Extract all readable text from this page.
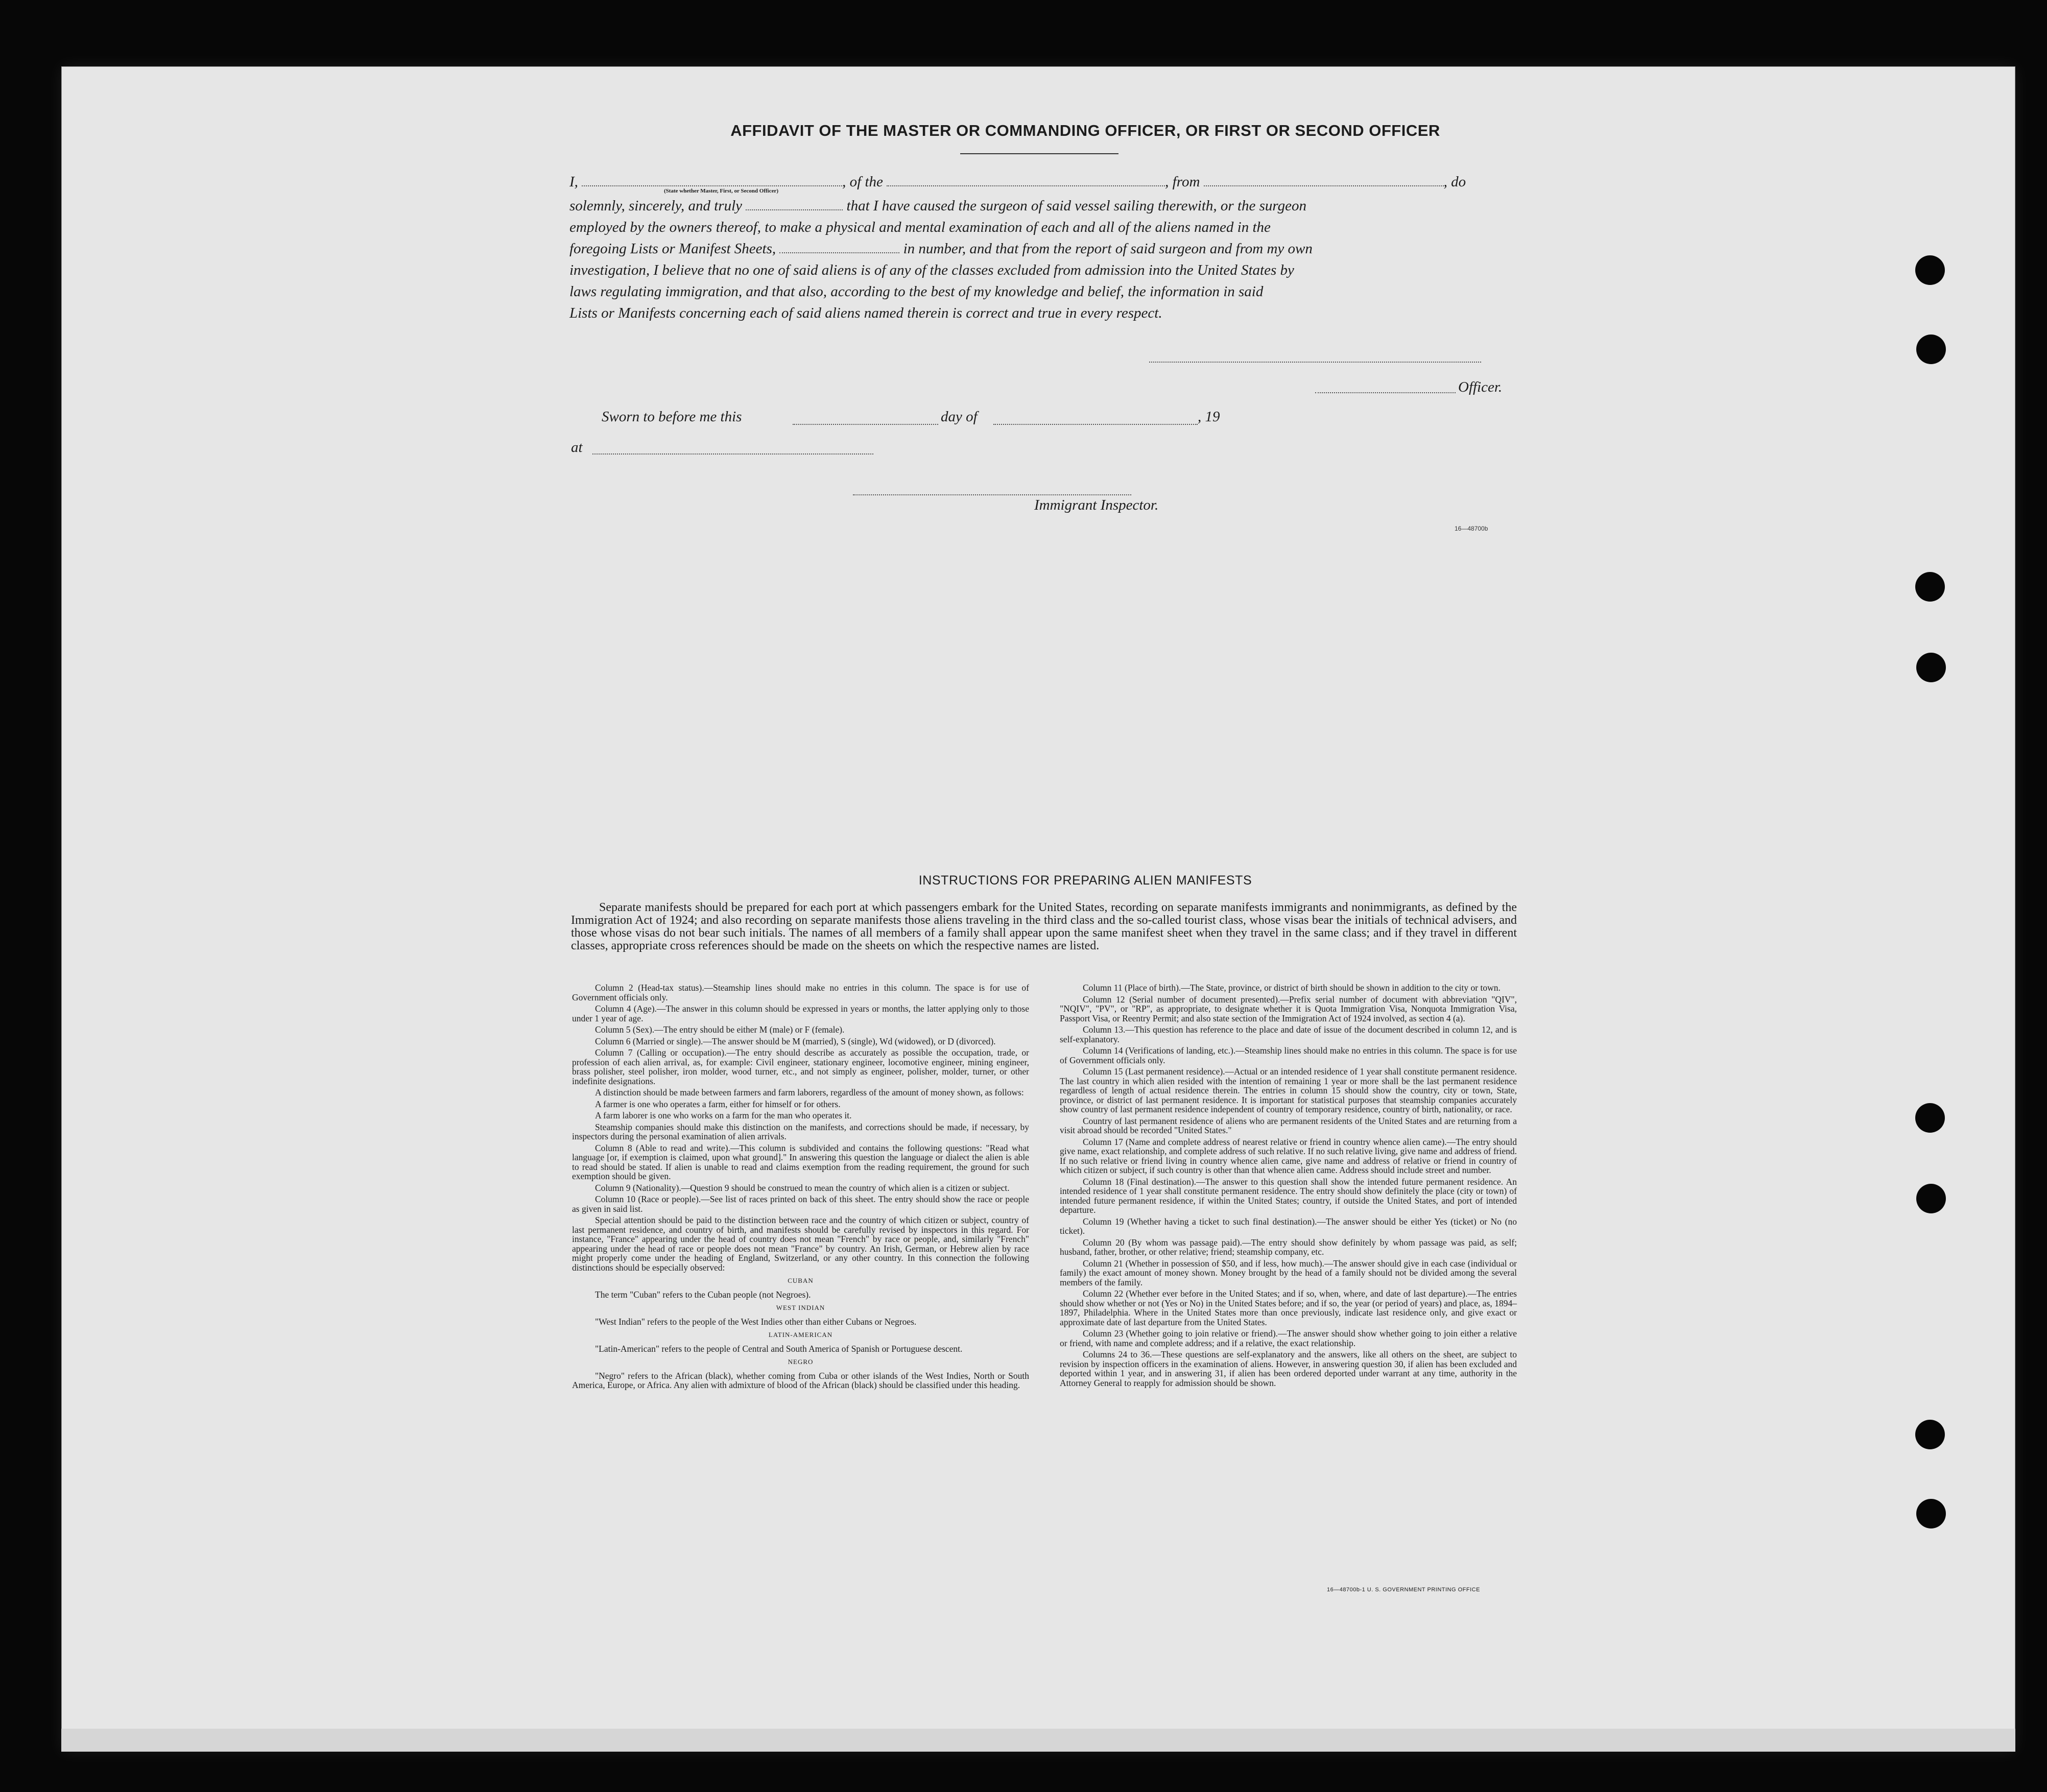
AFFIDAVIT OF THE MASTER OR COMMANDING OFFICER, OR FIRST OR SECOND OFFICER
I,	, of the	, from	, do
(State whether Master, First, or Second Officer)
solemnly, sincerely, and truly	that I have caused the surgeon of said vessel sailing therewith, or the surgeon
employed by the owners thereof, to make a physical and mental examination of each and all of the aliens named in the
foregoing Lists or Manifest Sheets,	in number, and that from the report of said surgeon and from my own
investigation, I believe that no one of said aliens is of any of the classes excluded from admission into the United States by
laws regulating immigration, and that also, according to the best of my knowledge and belief, the information in said
Lists or Manifests concerning each of said aliens named therein is correct and true in every respect.
Officer.
Sworn to before me this	day of	, 19
at
Immigrant Inspector.
16—48700b
INSTRUCTIONS FOR PREPARING ALIEN MANIFESTS
Separate manifests should be prepared for each port at which passengers embark for the United States, recording on separate manifests immigrants and nonimmigrants, as defined by the Immigration Act of 1924; and also recording on separate manifests those aliens traveling in the third class and the so-called tourist class, whose visas bear the initials of technical advisers, and those whose visas do not bear such initials. The names of all members of a family shall appear upon the same manifest sheet when they travel in the same class; and if they travel in different classes, appropriate cross references should be made on the sheets on which the respective names are listed.

Column 2 (Head-tax status).—Steamship lines should make no entries in this column. The space is for use of Government officials only.

Column 4 (Age).—The answer in this column should be expressed in years or months, the latter applying only to those under 1 year of age.

Column 5 (Sex).—The entry should be either M (male) or F (female).

Column 6 (Married or single).—The answer should be M (married), S (single), Wd (widowed), or D (divorced).

Column 7 (Calling or occupation).—The entry should describe as accurately as possible the occupation, trade, or profession of each alien arrival, as, for example: Civil engineer, stationary engineer, locomotive engineer, mining engineer, brass polisher, steel polisher, iron molder, wood turner, etc., and not simply as engineer, polisher, molder, turner, or other indefinite designations.

A distinction should be made between farmers and farm laborers, regardless of the amount of money shown, as follows:

A farmer is one who operates a farm, either for himself or for others.

A farm laborer is one who works on a farm for the man who operates it.

Steamship companies should make this distinction on the manifests, and corrections should be made, if necessary, by inspectors during the personal examination of alien arrivals.

Column 8 (Able to read and write).—This column is subdivided and contains the following questions: "Read what language [or, if exemption is claimed, upon what ground]." In answering this question the language or dialect the alien is able to read should be stated. If alien is unable to read and claims exemption from the reading requirement, the ground for such exemption should be given.

Column 9 (Nationality).—Question 9 should be construed to mean the country of which alien is a citizen or subject.

Column 10 (Race or people).—See list of races printed on back of this sheet. The entry should show the race or people as given in said list.

Special attention should be paid to the distinction between race and the country of which citizen or subject, country of last permanent residence, and country of birth, and manifests should be carefully revised by inspectors in this regard. For instance, "France" appearing under the head of country does not mean "French" by race or people, and, similarly "French" appearing under the head of race or people does not mean "France" by country. An Irish, German, or Hebrew alien by race might properly come under the heading of England, Switzerland, or any other country. In this connection the following distinctions should be especially observed:

CUBAN

The term "Cuban" refers to the Cuban people (not Negroes).

WEST INDIAN

"West Indian" refers to the people of the West Indies other than either Cubans or Negroes.

LATIN-AMERICAN

"Latin-American" refers to the people of Central and South America of Spanish or Portuguese descent.

NEGRO

"Negro" refers to the African (black), whether coming from Cuba or other islands of the West Indies, North or South America, Europe, or Africa. Any alien with admixture of blood of the African (black) should be classified under this heading.

Column 11 (Place of birth).—The State, province, or district of birth should be shown in addition to the city or town.

Column 12 (Serial number of document presented).—Prefix serial number of document with abbreviation "QIV", "NQIV", "PV", or "RP", as appropriate, to designate whether it is Quota Immigration Visa, Nonquota Immigration Visa, Passport Visa, or Reentry Permit; and also state section of the Immigration Act of 1924 involved, as section 4 (a).

Column 13.—This question has reference to the place and date of issue of the document described in column 12, and is self-explanatory.

Column 14 (Verifications of landing, etc.).—Steamship lines should make no entries in this column. The space is for use of Government officials only.

Column 15 (Last permanent residence).—Actual or an intended residence of 1 year shall constitute permanent residence. The last country in which alien resided with the intention of remaining 1 year or more shall be the last permanent residence regardless of length of actual residence therein. The entries in column 15 should show the country, city or town, State, province, or district of last permanent residence. It is important for statistical purposes that steamship companies accurately show country of last permanent residence independent of country of temporary residence, country of birth, nationality, or race.

Country of last permanent residence of aliens who are permanent residents of the United States and are returning from a visit abroad should be recorded "United States."

Column 17 (Name and complete address of nearest relative or friend in country whence alien came).—The entry should give name, exact relationship, and complete address of such relative. If no such relative living, give name and address of friend. If no such relative or friend living in country whence alien came, give name and address of relative or friend in country of which citizen or subject, if such country is other than that whence alien came. Address should include street and number.

Column 18 (Final destination).—The answer to this question shall show the intended future permanent residence. An intended residence of 1 year shall constitute permanent residence. The entry should show definitely the place (city or town) of intended future permanent residence, if within the United States; country, if outside the United States, and port of intended departure.

Column 19 (Whether having a ticket to such final destination).—The answer should be either Yes (ticket) or No (no ticket).

Column 20 (By whom was passage paid).—The entry should show definitely by whom passage was paid, as self; husband, father, brother, or other relative; friend; steamship company, etc.

Column 21 (Whether in possession of $50, and if less, how much).—The answer should give in each case (individual or family) the exact amount of money shown. Money brought by the head of a family should not be divided among the several members of the family.

Column 22 (Whether ever before in the United States; and if so, when, where, and date of last departure).—The entries should show whether or not (Yes or No) in the United States before; and if so, the year (or period of years) and place, as, 1894–1897, Philadelphia. Where in the United States more than once previously, indicate last residence only, and give exact or approximate date of last departure from the United States.

Column 23 (Whether going to join relative or friend).—The answer should show whether going to join either a relative or friend, with name and complete address; and if a relative, the exact relationship.

Columns 24 to 36.—These questions are self-explanatory and the answers, like all others on the sheet, are subject to revision by inspection officers in the examination of aliens. However, in answering question 30, if alien has been excluded and deported within 1 year, and in answering 31, if alien has been ordered deported under warrant at any time, authority in the Attorney General to reapply for admission should be shown.

16—48700b-1 U. S. GOVERNMENT PRINTING OFFICE
